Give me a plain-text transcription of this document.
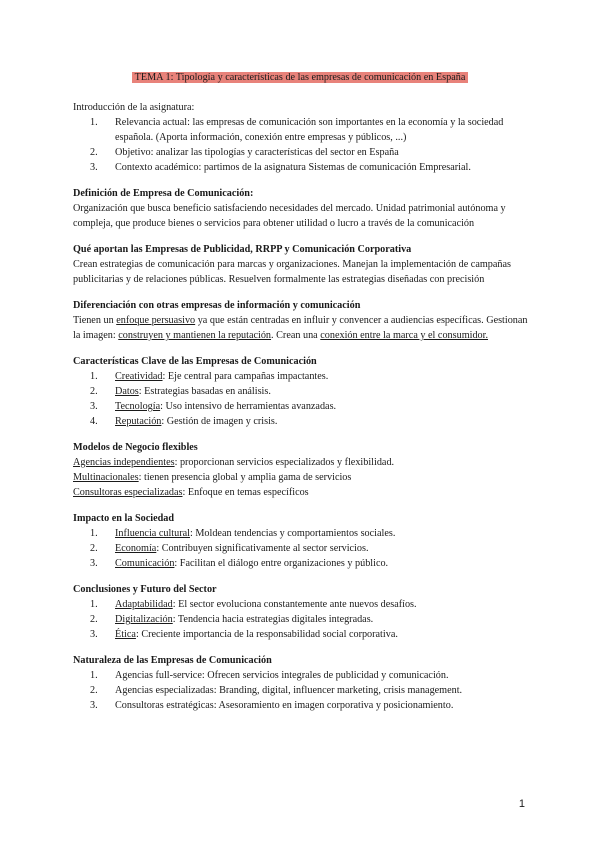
TEMA 1: Tipología y características de las empresas de comunicación en España

Introducción de la asignatura:

1.	Relevancia actual: las empresas de comunicación son importantes en la economía y la sociedad española. (Aporta información, conexión entre empresas y públicos, ...)
2.	Objetivo: analizar las tipologías y características del sector en España
3.	Contexto académico: partimos de la asignatura Sistemas de comunicación Empresarial.

Definición de Empresa de Comunicación:

Organización que busca beneficio satisfaciendo necesidades del mercado. Unidad patrimonial autónoma y compleja, que produce bienes o servicios para obtener utilidad o lucro a través de la comunicación

Qué aportan las Empresas de Publicidad, RRPP y Comunicación Corporativa

Crean estrategias de comunicación para marcas y organizaciones. Manejan la implementación de campañas publicitarias y de relaciones públicas. Resuelven formalmente las estrategias diseñadas con precisión

Diferenciación con otras empresas de información y comunicación

Tienen un enfoque persuasivo ya que están centradas en influir y convencer a audiencias específicas. Gestionan la imagen: construyen y mantienen la reputación. Crean una conexión entre la marca y el consumidor.

Características Clave de las Empresas de Comunicación

1.	Creatividad: Eje central para campañas impactantes.
2.	Datos: Estrategias basadas en análisis.
3.	Tecnología: Uso intensivo de herramientas avanzadas.
4.	Reputación: Gestión de imagen y crisis.

Modelos de Negocio flexibles

Agencias independientes: proporcionan servicios especializados y flexibilidad.

Multinacionales: tienen presencia global y amplia gama de servicios

Consultoras especializadas: Enfoque en temas específicos

Impacto en la Sociedad

1.	Influencia cultural: Moldean tendencias y comportamientos sociales.
2.	Economía: Contribuyen significativamente al sector servicios.
3.	Comunicación: Facilitan el diálogo entre organizaciones y público.

Conclusiones y Futuro del Sector

1.	Adaptabilidad: El sector evoluciona constantemente ante nuevos desafíos.
2.	Digitalización: Tendencia hacia estrategias digitales integradas.
3.	Ética: Creciente importancia de la responsabilidad social corporativa.

Naturaleza de las Empresas de Comunicación

1.	Agencias full-service: Ofrecen servicios integrales de publicidad y comunicación.
2.	Agencias especializadas: Branding, digital, influencer marketing, crisis management.
3.	Consultoras estratégicas: Asesoramiento en imagen corporativa y posicionamiento.
1
